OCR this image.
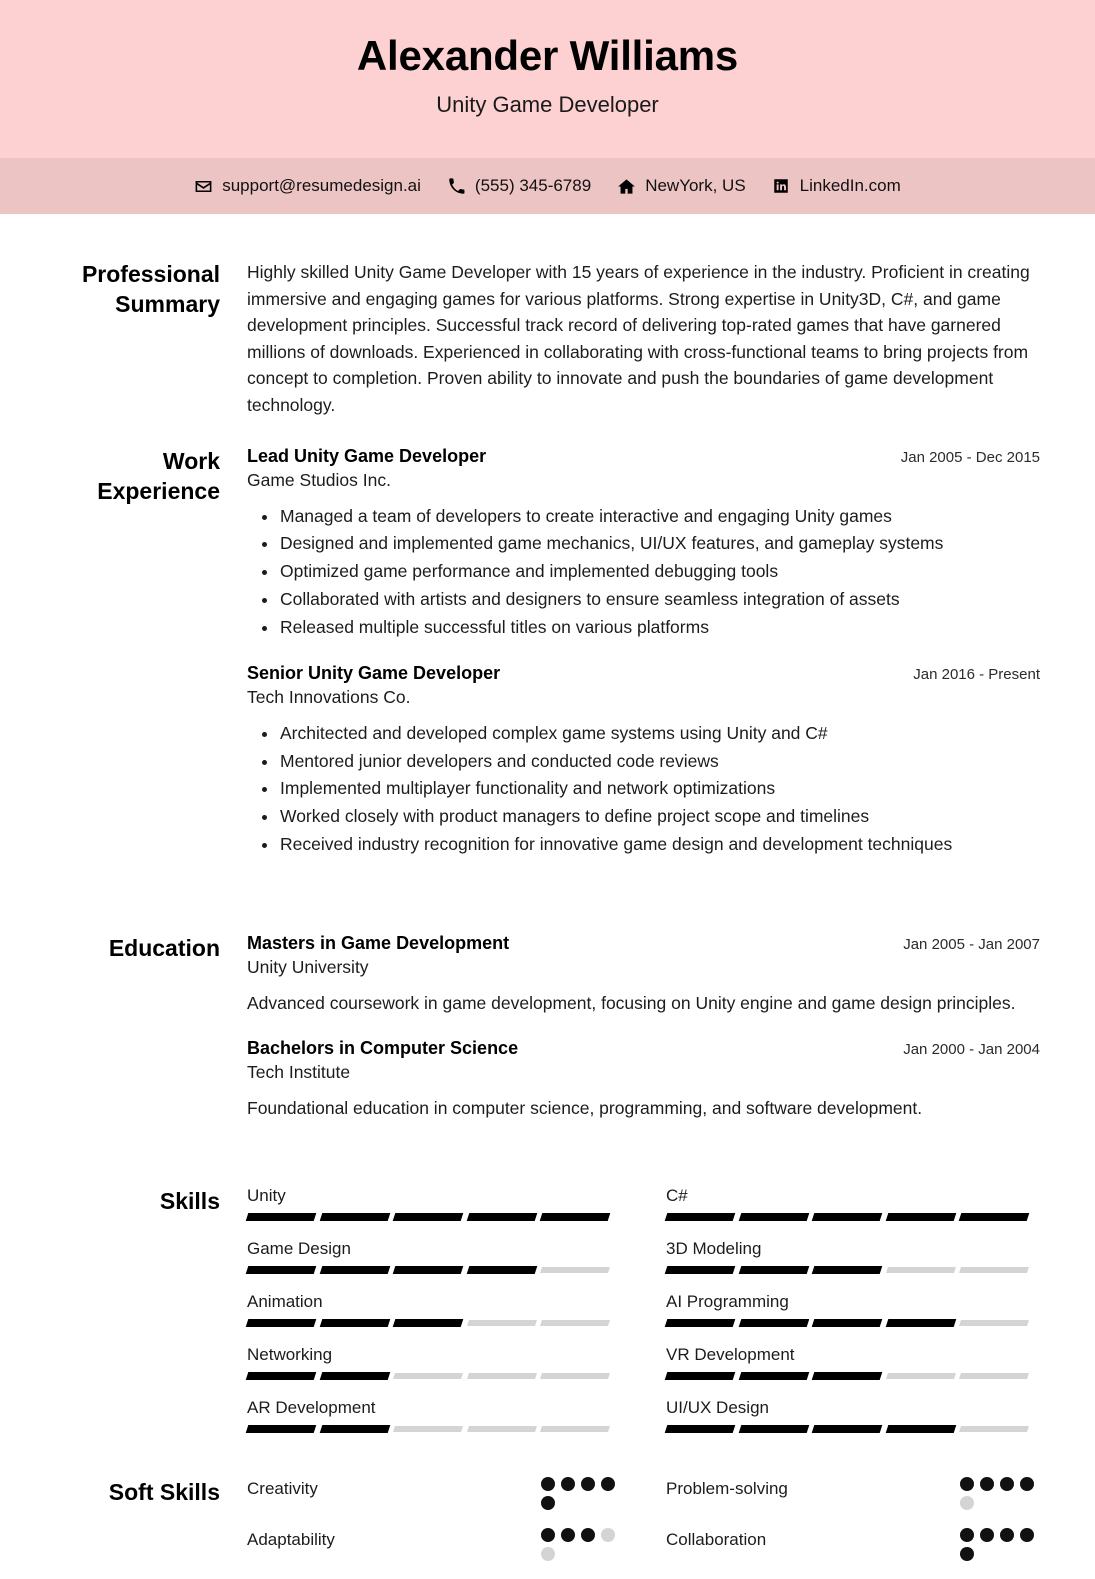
Alexander Williams
Unity Game Developer
support@resumedesign.ai	(555) 345-6789	NewYork, US	LinkedIn.com
Professional Summary
Highly skilled Unity Game Developer with 15 years of experience in the industry. Proficient in creating immersive and engaging games for various platforms. Strong expertise in Unity3D, C#, and game development principles. Successful track record of delivering top-rated games that have garnered millions of downloads. Experienced in collaborating with cross-functional teams to bring projects from concept to completion. Proven ability to innovate and push the boundaries of game development technology.
Work Experience
Lead Unity Game Developer	Jan 2005 - Dec 2015
Game Studios Inc.
Managed a team of developers to create interactive and engaging Unity games
Designed and implemented game mechanics, UI/UX features, and gameplay systems
Optimized game performance and implemented debugging tools
Collaborated with artists and designers to ensure seamless integration of assets
Released multiple successful titles on various platforms
Senior Unity Game Developer	Jan 2016 - Present
Tech Innovations Co.
Architected and developed complex game systems using Unity and C#
Mentored junior developers and conducted code reviews
Implemented multiplayer functionality and network optimizations
Worked closely with product managers to define project scope and timelines
Received industry recognition for innovative game design and development techniques
Education	Masters in Game Development	Jan 2005 - Jan 2007
Unity University
Advanced coursework in game development, focusing on Unity engine and game design principles.
Bachelors in Computer Science	Jan 2000 - Jan 2004
Tech Institute
Foundational education in computer science, programming, and software development.
Skills	Unity	C#
Game Design	3D Modeling
Animation	AI Programming
Networking	VR Development
AR Development	UI/UX Design
Soft Skills	Creativity	Problem-solving
Adaptability	Collaboration
